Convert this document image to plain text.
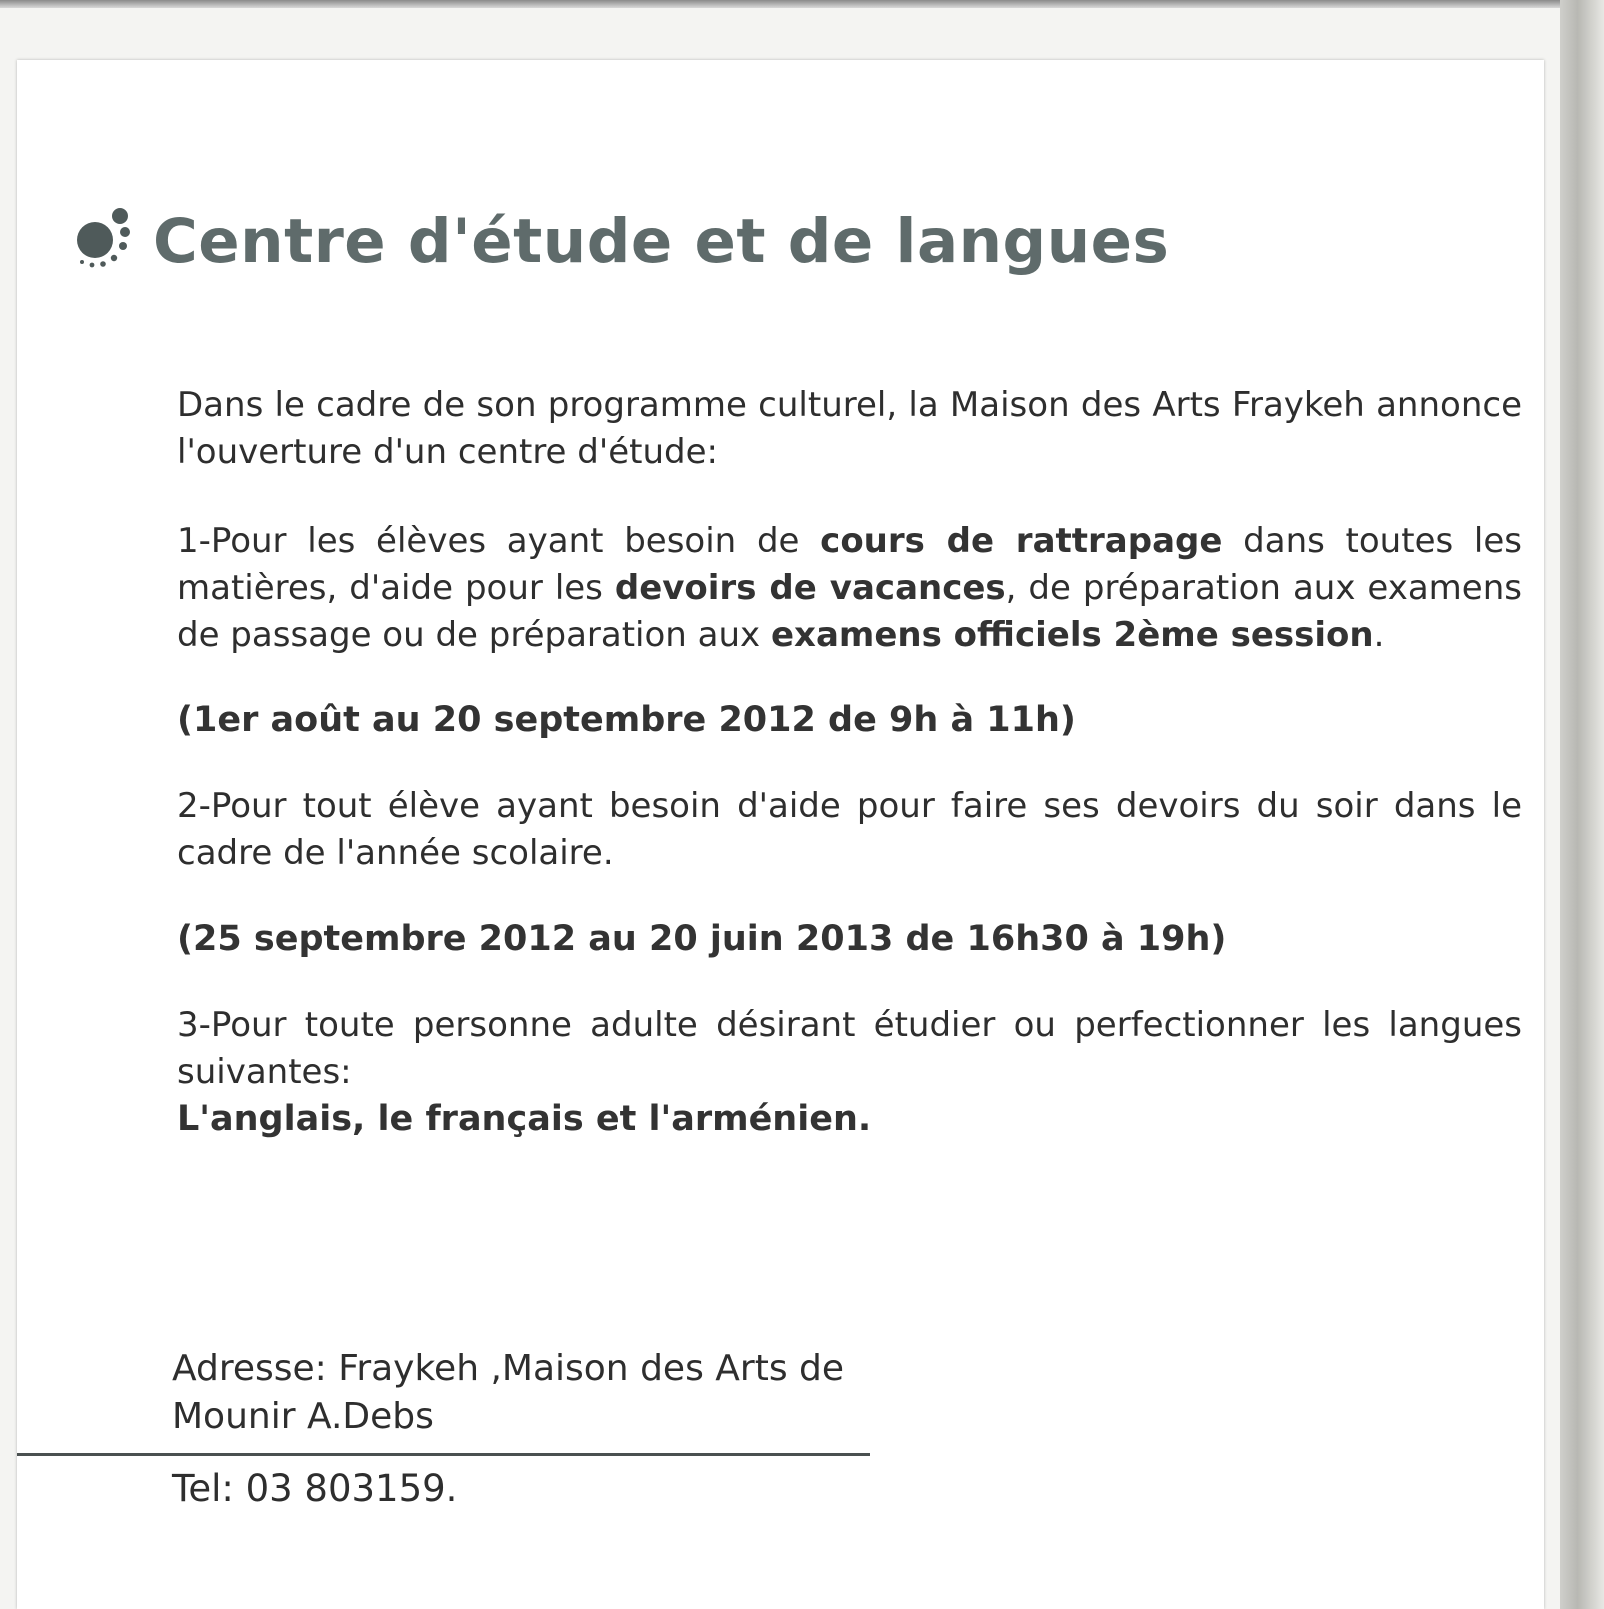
Centre d'étude et de langues

Dans le cadre de son programme culturel, la Maison des Arts Fraykeh annonce l'ouverture d'un centre d'étude:

1-Pour les élèves ayant besoin de cours de rattrapage dans toutes les matières, d'aide pour les devoirs de vacances, de préparation aux examens de passage ou de préparation aux examens officiels 2ème session.

(1er août au 20 septembre 2012 de 9h à 11h)

2-Pour tout élève ayant besoin d'aide pour faire ses devoirs du soir dans le cadre de l'année scolaire.

(25 septembre 2012 au 20 juin 2013 de 16h30 à 19h)

3-Pour toute personne adulte désirant étudier ou perfectionner les langues suivantes:

L'anglais, le français et l'arménien.

Adresse: Fraykeh ,Maison des Arts de
Mounir A.Debs

Tel: 03 803159.
